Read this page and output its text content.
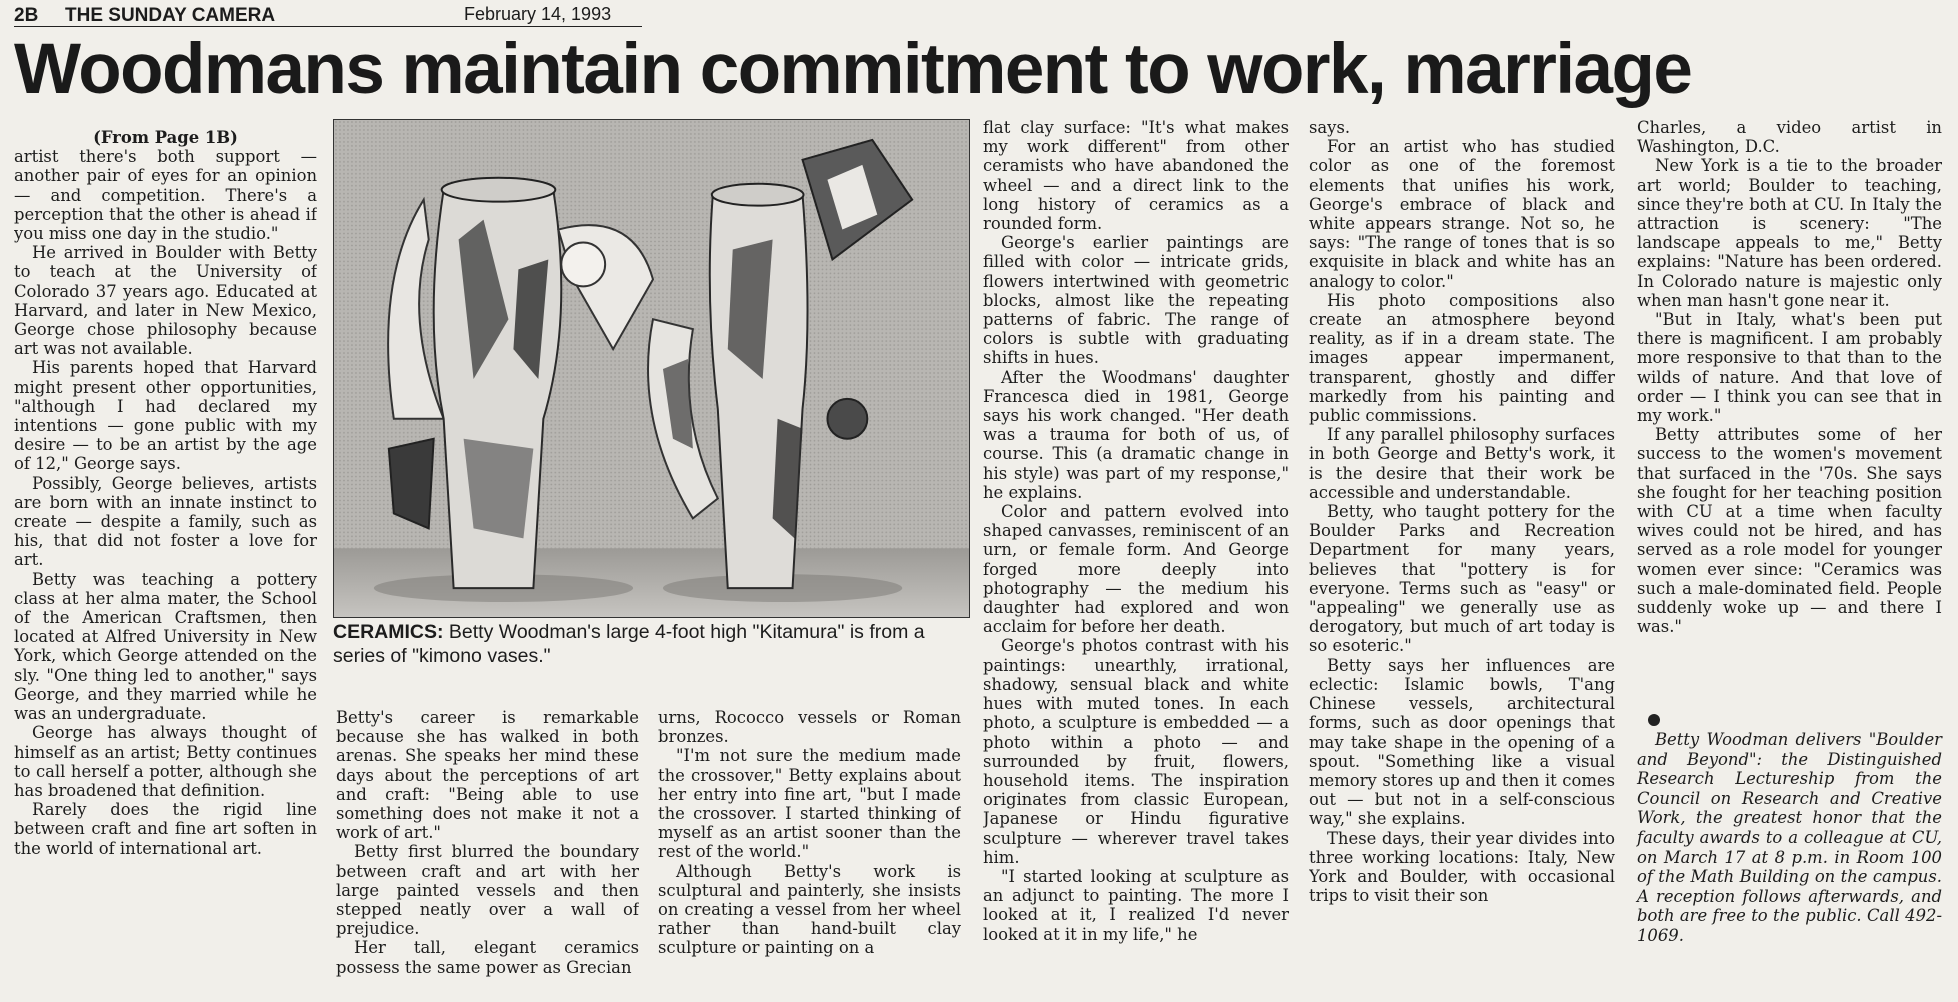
2B THE SUNDAY CAMERA	February 14, 1993
Woodmans maintain commitment to work, marriage

(From Page 1B)

artist there's both support — another pair of eyes for an opinion — and competition. There's a perception that the other is ahead if you miss one day in the studio."

He arrived in Boulder with Betty to teach at the University of Colorado 37 years ago. Educated at Harvard, and later in New Mexico, George chose philosophy because art was not available.

His parents hoped that Harvard might present other opportunities, "although I had declared my intentions — gone public with my desire — to be an artist by the age of 12," George says.

Possibly, George believes, artists are born with an innate instinct to create — despite a family, such as his, that did not foster a love for art.

Betty was teaching a pottery class at her alma mater, the School of the American Craftsmen, then located at Alfred University in New York, which George attended on the sly. "One thing led to another," says George, and they married while he was an undergraduate.

George has always thought of himself as an artist; Betty continues to call herself a potter, although she has broadened that definition.

Rarely does the rigid line between craft and fine art soften in the world of international art.

CERAMICS: Betty Woodman's large 4-foot high "Kitamura" is from a series of "kimono vases."

Betty's career is remarkable because she has walked in both arenas. She speaks her mind these days about the perceptions of art and craft: "Being able to use something does not make it not a work of art."

Betty first blurred the boundary between craft and art with her large painted vessels and then stepped neatly over a wall of prejudice.

Her tall, elegant ceramics possess the same power as Grecian

urns, Rococco vessels or Roman bronzes.

"I'm not sure the medium made the crossover," Betty explains about her entry into fine art, "but I made the crossover. I started thinking of myself as an artist sooner than the rest of the world."

Although Betty's work is sculptural and painterly, she insists on creating a vessel from her wheel rather than hand-built clay sculpture or painting on a

flat clay surface: "It's what makes my work different" from other ceramists who have abandoned the wheel — and a direct link to the long history of ceramics as a rounded form.

George's earlier paintings are filled with color — intricate grids, flowers intertwined with geometric blocks, almost like the repeating patterns of fabric. The range of colors is subtle with graduating shifts in hues.

After the Woodmans' daughter Francesca died in 1981, George says his work changed. "Her death was a trauma for both of us, of course. This (a dramatic change in his style) was part of my response," he explains.

Color and pattern evolved into shaped canvasses, reminiscent of an urn, or female form. And George forged more deeply into photography — the medium his daughter had explored and won acclaim for before her death.

George's photos contrast with his paintings: unearthly, irrational, shadowy, sensual black and white hues with muted tones. In each photo, a sculpture is embedded — a photo within a photo — and surrounded by fruit, flowers, household items. The inspiration originates from classic European, Japanese or Hindu figurative sculpture — wherever travel takes him.

"I started looking at sculpture as an adjunct to painting. The more I looked at it, I realized I'd never looked at it in my life," he

says.

For an artist who has studied color as one of the foremost elements that unifies his work, George's embrace of black and white appears strange. Not so, he says: "The range of tones that is so exquisite in black and white has an analogy to color."

His photo compositions also create an atmosphere beyond reality, as if in a dream state. The images appear impermanent, transparent, ghostly and differ markedly from his painting and public commissions.

If any parallel philosophy surfaces in both George and Betty's work, it is the desire that their work be accessible and understandable.

Betty, who taught pottery for the Boulder Parks and Recreation Department for many years, believes that "pottery is for everyone. Terms such as "easy" or "appealing" we generally use as derogatory, but much of art today is so esoteric."

Betty says her influences are eclectic: Islamic bowls, T'ang Chinese vessels, architectural forms, such as door openings that may take shape in the opening of a spout. "Something like a visual memory stores up and then it comes out — but not in a self-conscious way," she explains.

These days, their year divides into three working locations: Italy, New York and Boulder, with occasional trips to visit their son

Charles, a video artist in Washington, D.C.

New York is a tie to the broader art world; Boulder to teaching, since they're both at CU. In Italy the attraction is scenery: "The landscape appeals to me," Betty explains: "Nature has been ordered. In Colorado nature is majestic only when man hasn't gone near it.

"But in Italy, what's been put there is magnificent. I am probably more responsive to that than to the wilds of nature. And that love of order — I think you can see that in my work."

Betty attributes some of her success to the women's movement that surfaced in the '70s. She says she fought for her teaching position with CU at a time when faculty wives could not be hired, and has served as a role model for younger women ever since: "Ceramics was such a male-dominated field. People suddenly woke up — and there I was."

Betty Woodman delivers "Boulder and Beyond": the Distinguished Research Lectureship from the Council on Research and Creative Work, the greatest honor that the faculty awards to a colleague at CU, on March 17 at 8 p.m. in Room 100 of the Math Building on the campus. A reception follows afterwards, and both are free to the public. Call 492-1069.
